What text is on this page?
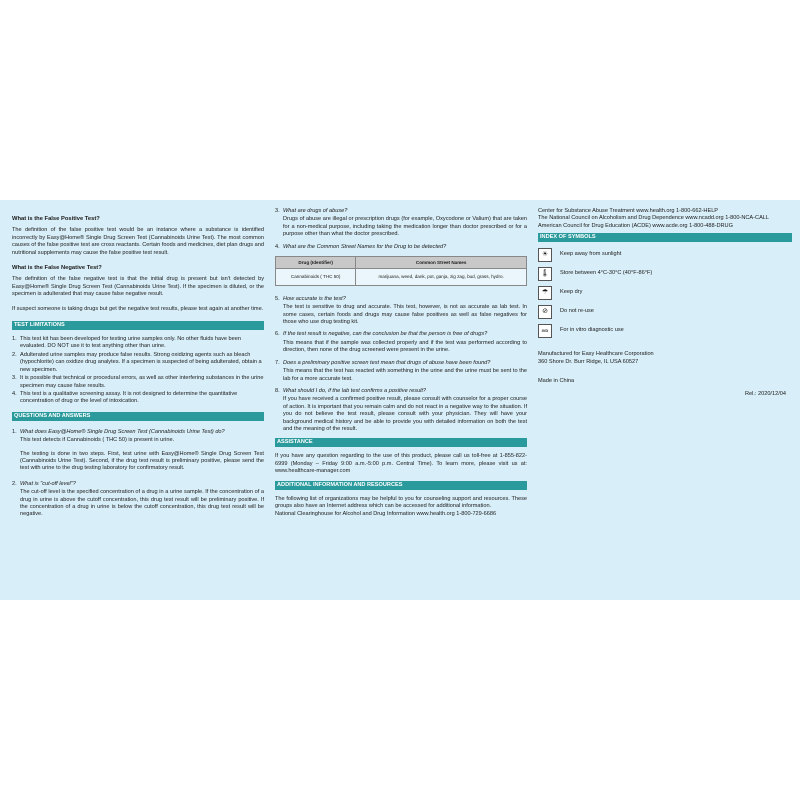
What is the False Positive Test?

The definition of the false positive test would be an instance where a substance is identified incorrectly by Easy@Home® Single Drug Screen Test (Cannabinoids Urine Test). The most common causes of the false positive test are cross reactants. Certain foods and medicines, diet plan drugs and nutritional supplements may cause the false positive test result.

What is the False Negative Test?

The definition of the false negative test is that the initial drug is present but isn't detected by Easy@Home® Single Drug Screen Test (Cannabinoids Urine Test). If the specimen is diluted, or the specimen is adulterated that may cause false negative result.

If suspect someone is taking drugs but get the negative test results, please test again at another time.

TEST LIMITATIONS
1. This test kit has been developed for testing urine samples only. No other fluids have been evaluated. DO NOT use it to test anything other than urine.
2. Adulterated urine samples may produce false results. Strong oxidizing agents such as bleach (hypochlorite) can oxidize drug analytes. If a specimen is suspected of being adulterated, obtain a new specimen.
3. It is possible that technical or procedural errors, as well as other interfering substances in the urine specimen may cause false results.
4. This test is a qualitative screening assay. It is not designed to determine the quantitative concentration of drug or the level of intoxication.
QUESTIONS AND ANSWERS
1. What does Easy@Home® Single Drug Screen Test (Cannabinoids Urine Test) do?

This test detects if Cannabinoids ( THC 50) is present in urine.

The testing is done in two steps. First, test urine with Easy@Home® Single Drug Screen Test (Cannabinoids Urine Test). Second, if the drug test result is preliminary positive, please send the test with urine to the drug testing laboratory for confirmatory result.

2. What is "cut-off level"?

The cut-off level is the specified concentration of a drug in a urine sample. If the concentration of a drug in urine is above the cutoff concentration, this drug test result will be preliminary positive. If the concentration of a drug in urine is below the cutoff concentration, this drug test result will be negative.

3. What are drugs of abuse?

Drugs of abuse are illegal or prescription drugs (for example, Oxycodone or Valium) that are taken for a non-medical purpose, including taking the medication longer than doctor prescribed or for a purpose other than what the doctor prescribed.

4. What are the Common Street Names for the Drug to be detected?
Drug (Identifier)	Common Street Names
Cannabinoids ( THC 50)	marijuana, weed, dank, pot, ganja, zig zag, bud, grass, hydro.
5. How accurate is the test?

The test is sensitive to drug and accurate. This test, however, is not as accurate as lab test. In some cases, certain foods and drugs may cause false positives as well as false negatives for those who use drug testing kit.

6. If the test result is negative, can the conclusion be that the person is free of drugs?

This means that if the sample was collected properly and if the test was performed according to direction, then none of the drug screened were present in the urine.

7. Does a preliminary positive screen test mean that drugs of abuse have been found?

This means that the test has reacted with something in the urine and the urine must be sent to the lab for a more accurate test.

8. What should I do, if the lab test confirms a positive result?

If you have received a confirmed positive result, please consult with counselor for a proper course of action. It is important that you remain calm and do not react in a negative way to the situation. If you do not believe the test result, please consult with your physician. They will have your background medical history and be able to provide you with detailed information on both the test and the meaning of the result.

ASSISTANCE

If you have any question regarding to the use of this product, please call us toll-free at 1-855-822-6999 (Monday – Friday 9:00 a.m.-5:00 p.m. Central Time). To learn more, please visit us at: www.healthcare-manager.com

ADDITIONAL INFORMATION AND RESOURCES

The following list of organizations may be helpful to you for counseling support and resources. These groups also have an Internet address which can be accessed for additional information.

National Clearinghouse for Alcohol and Drug Information www.health.org 1-800-729-6686
Center for Substance Abuse Treatment www.health.org 1-800-662-HELP
The National Council on Alcoholism and Drug Dependence www.ncadd.org 1-800-NCA-CALL
American Council for Drug Education (ACDE) www.acde.org 1-800-488-DRUG
INDEX OF SYMBOLS
☀	Keep away from sunlight
🌡	Store between 4°C-30°C (40°F-86°F)
☂	Keep dry
⊘	Do not re-use
IVD	For in vitro diagnostic use
Manufactured for Easy Healthcare Corporation
360 Shore Dr. Burr Ridge, IL USA 60527
Made in China
Rel.: 2020/12/04
